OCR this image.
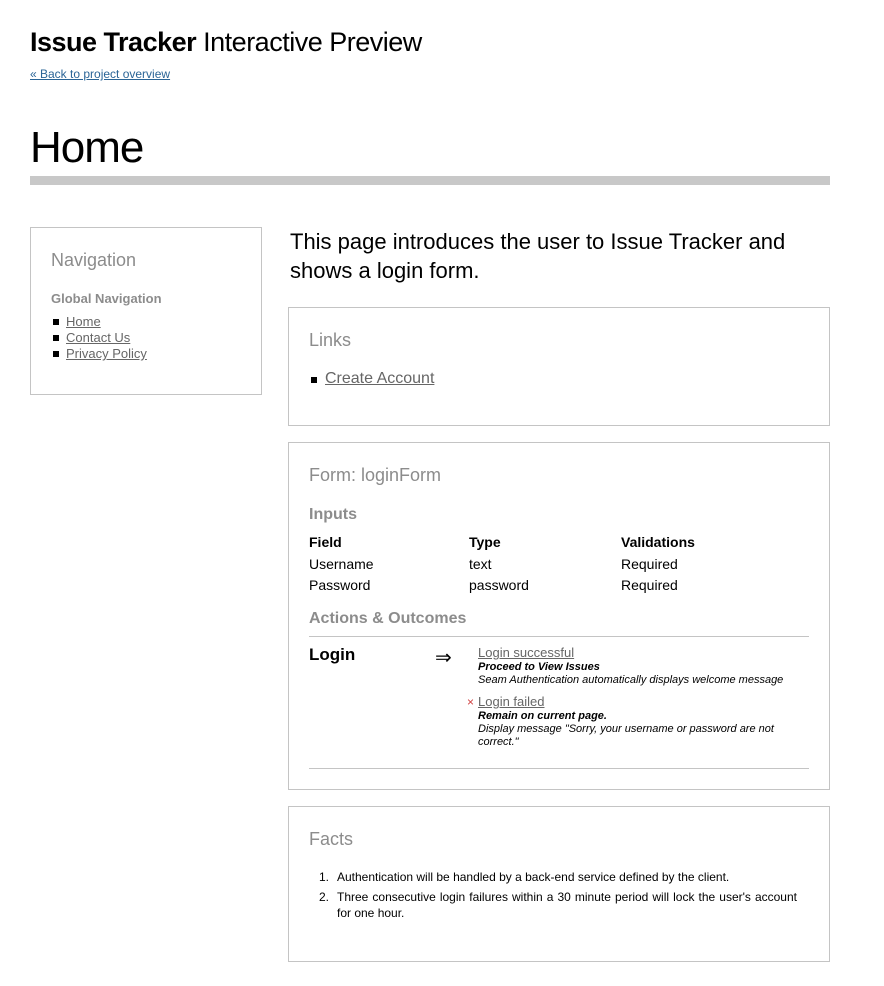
Issue Tracker Interactive Preview
« Back to project overview
Home
Navigation
Global Navigation
Home
Contact Us
Privacy Policy
This page introduces the user to Issue Tracker and shows a login form.
Links
Create Account
Form: loginForm
Inputs
Field	Type	Validations
Username	text	Required
Password	password	Required
Actions & Outcomes
Login	⇒ Login successful
Proceed to View Issues
Seam Authentication automatically displays welcome message
× Login failed
Remain on current page.
Display message "Sorry, your username or password are not correct."
Facts
1. Authentication will be handled by a back-end service defined by the client.
2. Three consecutive login failures within a 30 minute period will lock the user's account for one hour.
